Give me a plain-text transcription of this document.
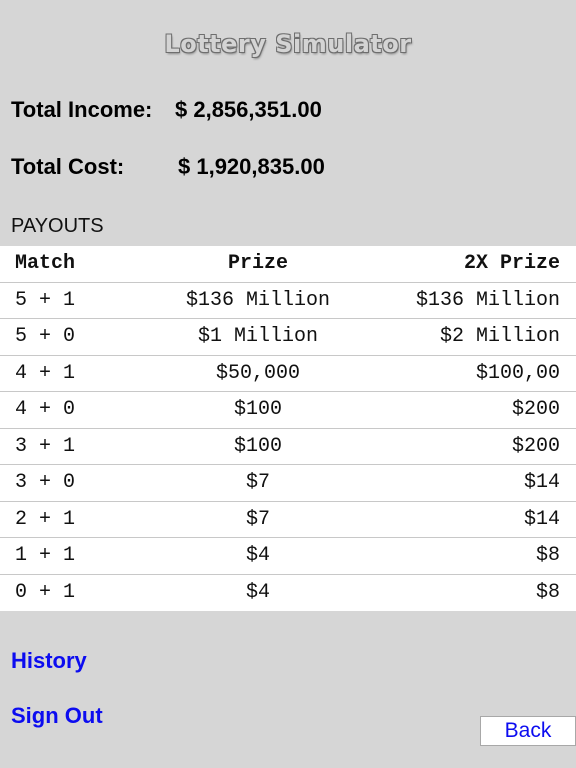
Lottery Simulator
Total Income: $ 2,856,351.00
Total Cost: $ 1,920,835.00
PAYOUTS
Match	Prize	2X Prize
5 + 1	$136 Million	$136 Million
5 + 0	$1 Million	$2 Million
4 + 1	$50,000	$100,00
4 + 0	$100	$200
3 + 1	$100	$200
3 + 0	$7	$14
2 + 1	$7	$14
1 + 1	$4	$8
0 + 1	$4	$8
History
Sign Out
Back
